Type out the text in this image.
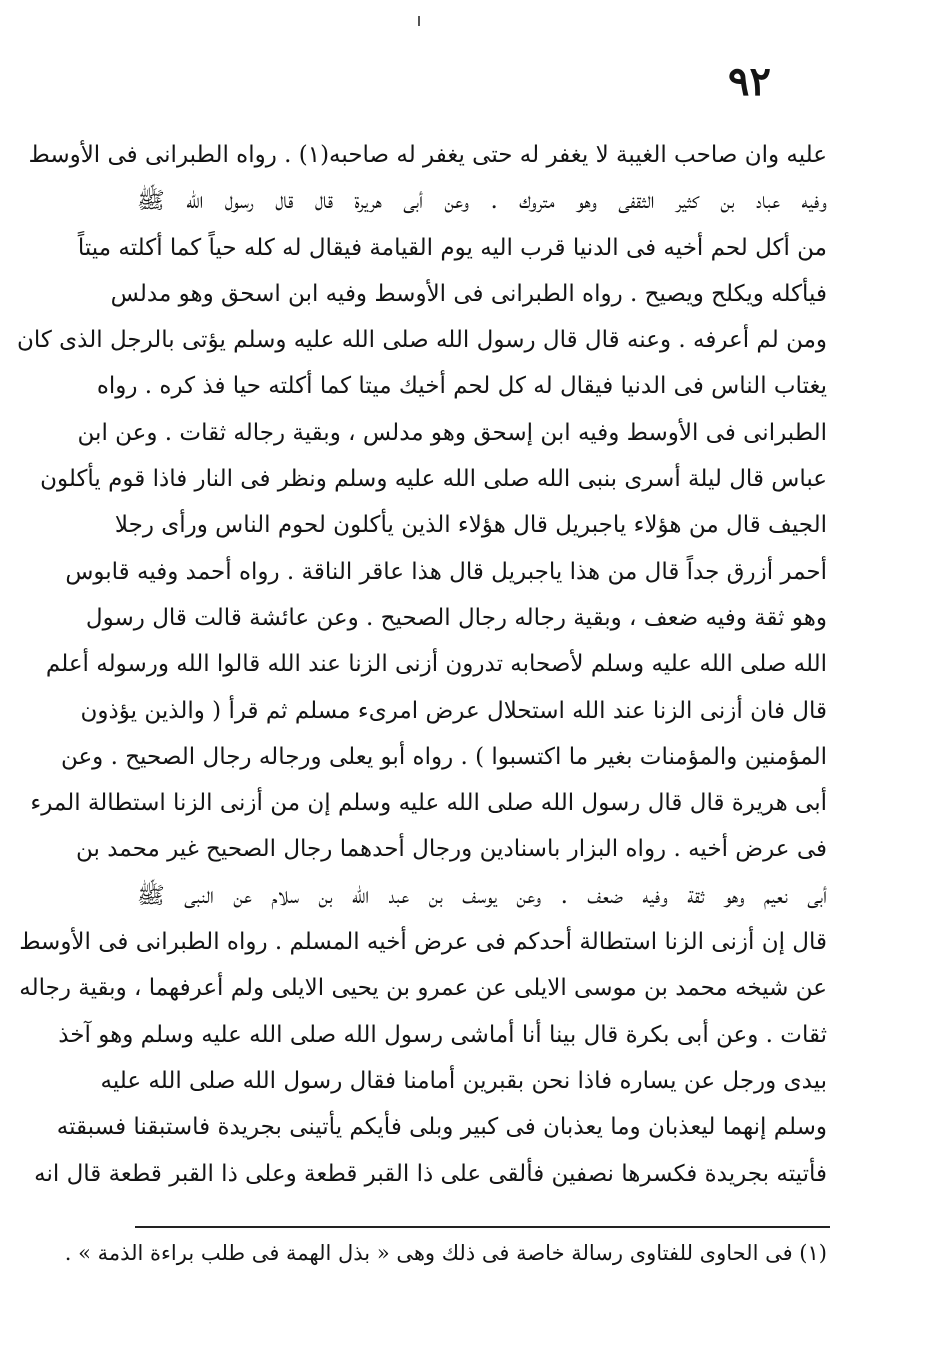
٩٢
عليه وان صاحب الغيبة لا يغفر له حتى يغفر له صاحبه(١) . رواه الطبرانى فى الأوسط
وفيه عباد بن كثير الثقفى وهو متروك . وعن أبى هريرة قال قال رسول الله ﷺ
من أكل لحم أخيه فى الدنيا قرب اليه يوم القيامة فيقال له كله حياً كما أكلته ميتاً
فيأكله ويكلح ويصيح . رواه الطبرانى فى الأوسط وفيه ابن اسحق وهو مدلس
ومن لم أعرفه . وعنه قال قال رسول الله صلى الله عليه وسلم يؤتى بالرجل الذى كان
يغتاب الناس فى الدنيا فيقال له كل لحم أخيك ميتا كما أكلته حيا فذ كره . رواه
الطبرانى فى الأوسط وفيه ابن إسحق وهو مدلس ، وبقية رجاله ثقات . وعن ابن
عباس قال ليلة أسرى بنبى الله صلى الله عليه وسلم ونظر فى النار فاذا قوم يأكلون
الجيف قال من هؤلاء ياجبريل قال هؤلاء الذين يأكلون لحوم الناس ورأى رجلا
أحمر أزرق جداً قال من هذا ياجبريل قال هذا عاقر الناقة . رواه أحمد وفيه قابوس
وهو ثقة وفيه ضعف ، وبقية رجاله رجال الصحيح . وعن عائشة قالت قال رسول
الله صلى الله عليه وسلم لأصحابه تدرون أزنى الزنا عند الله قالوا الله ورسوله أعلم
قال فان أزنى الزنا عند الله استحلال عرض امرىء مسلم ثم قرأ ( والذين يؤذون
المؤمنين والمؤمنات بغير ما اكتسبوا ) . رواه أبو يعلى ورجاله رجال الصحيح . وعن
أبى هريرة قال قال رسول الله صلى الله عليه وسلم إن من أزنى الزنا استطالة المرء
فى عرض أخيه . رواه البزار باسنادين ورجال أحدهما رجال الصحيح غير محمد بن
أبى نعيم وهو ثقة وفيه ضعف . وعن يوسف بن عبد الله بن سلام عن النبى ﷺ
قال إن أزنى الزنا استطالة أحدكم فى عرض أخيه المسلم . رواه الطبرانى فى الأوسط
عن شيخه محمد بن موسى الايلى عن عمرو بن يحيى الايلى ولم أعرفهما ، وبقية رجاله
ثقات . وعن أبى بكرة قال بينا أنا أماشى رسول الله صلى الله عليه وسلم وهو آخذ
بيدى ورجل عن يساره فاذا نحن بقبرين أمامنا فقال رسول الله صلى الله عليه
وسلم إنهما ليعذبان وما يعذبان فى كبير وبلى فأيكم يأتينى بجريدة فاستبقنا فسبقته
فأتيته بجريدة فكسرها نصفين فألقى على ذا القبر قطعة وعلى ذا القبر قطعة قال انه
(١) فى الحاوى للفتاوى رسالة خاصة فى ذلك وهى « بذل الهمة فى طلب براءة الذمة » .
